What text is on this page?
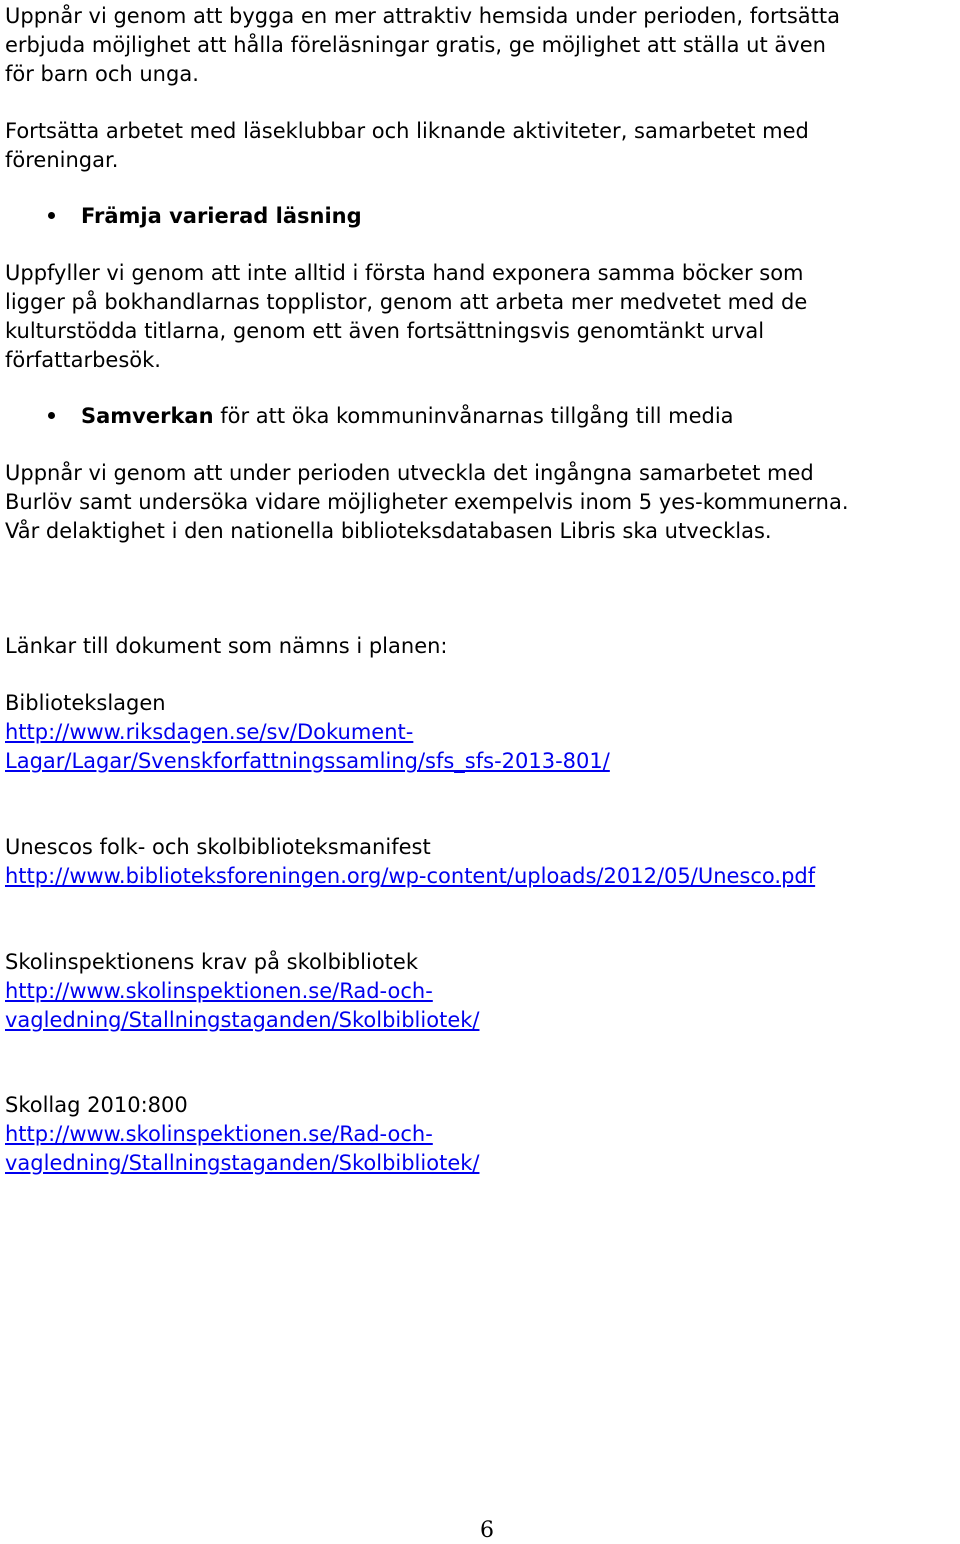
Uppnår vi genom att bygga en mer attraktiv hemsida under perioden, fortsätta
erbjuda möjlighet att hålla föreläsningar gratis, ge möjlighet att ställa ut även
för barn och unga.
Fortsätta arbetet med läseklubbar och liknande aktiviteter, samarbetet med
föreningar.
Främja varierad läsning
Uppfyller vi genom att inte alltid i första hand exponera samma böcker som
ligger på bokhandlarnas topplistor, genom att arbeta mer medvetet med de
kulturstödda titlarna, genom ett även fortsättningsvis genomtänkt urval
författarbesök.
Samverkan för att öka kommuninvånarnas tillgång till media
Uppnår vi genom att under perioden utveckla det ingångna samarbetet med
Burlöv samt undersöka vidare möjligheter exempelvis inom 5 yes-kommunerna.
Vår delaktighet i den nationella biblioteksdatabasen Libris ska utvecklas.
Länkar till dokument som nämns i planen:
Bibliotekslagen
http://www.riksdagen.se/sv/Dokument-
Lagar/Lagar/Svenskforfattningssamling/sfs_sfs-2013-801/
Unescos folk- och skolbiblioteksmanifest
http://www.biblioteksforeningen.org/wp-content/uploads/2012/05/Unesco.pdf
Skolinspektionens krav på skolbibliotek
http://www.skolinspektionen.se/Rad-och-
vagledning/Stallningstaganden/Skolbibliotek/
Skollag 2010:800
http://www.skolinspektionen.se/Rad-och-
vagledning/Stallningstaganden/Skolbibliotek/
6
